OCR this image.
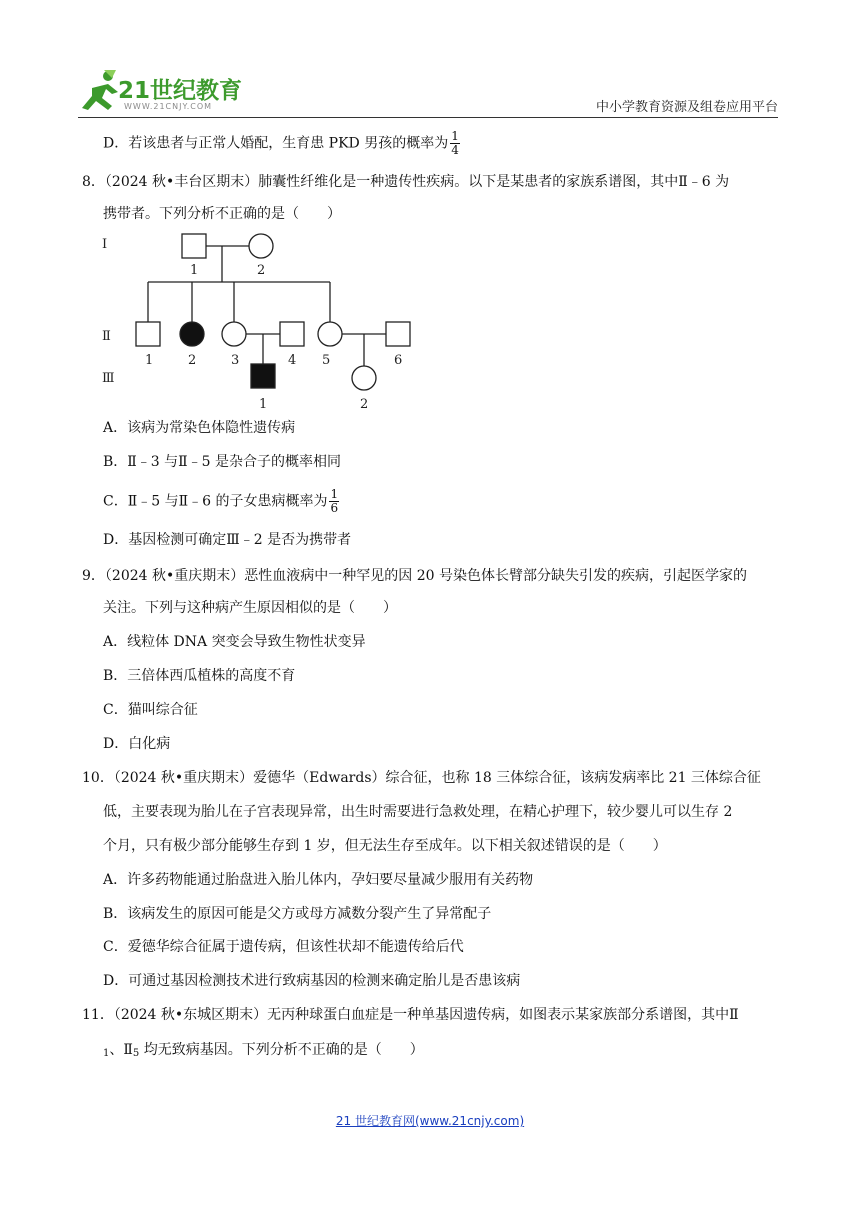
21世纪教育
WWW.21CNJY.COM	中小学教育资源及组卷应用平台
D．若该患者与正常人婚配，生育患 PKD 男孩的概率为 $\frac{1}{4}$
8．（2024 秋•丰台区期末）肺囊性纤维化是一种遗传性疾病。以下是某患者的家族系谱图，其中Ⅱ﹣6 为
携带者。下列分析不正确的是（　　）
Ⅰ
Ⅱ
Ⅲ
1	2
1	2	3	4 5	6
1	2
A．该病为常染色体隐性遗传病
B．Ⅱ﹣3 与Ⅱ﹣5 是杂合子的概率相同
C．Ⅱ﹣5 与Ⅱ﹣6 的子女患病概率为 $\frac{1}{6}$
D．基因检测可确定Ⅲ﹣2 是否为携带者
9．（2024 秋•重庆期末）恶性血液病中一种罕见的因 20 号染色体长臂部分缺失引发的疾病，引起医学家的
关注。下列与这种病产生原因相似的是（　　）
A．线粒体 DNA 突变会导致生物性状变异
B．三倍体西瓜植株的高度不育
C．猫叫综合征
D．白化病
10．（2024 秋•重庆期末）爱德华（Edwards）综合征，也称 18 三体综合征，该病发病率比 21 三体综合征
低，主要表现为胎儿在子宫表现异常，出生时需要进行急救处理，在精心护理下，较少婴儿可以生存 2
个月，只有极少部分能够生存到 1 岁，但无法生存至成年。以下相关叙述错误的是（　　）
A．许多药物能通过胎盘进入胎儿体内，孕妇要尽量减少服用有关药物
B．该病发生的原因可能是父方或母方减数分裂产生了异常配子
C．爱德华综合征属于遗传病，但该性状却不能遗传给后代
D．可通过基因检测技术进行致病基因的检测来确定胎儿是否患该病
11．（2024 秋•东城区期末）无丙种球蛋白血症是一种单基因遗传病，如图表示某家族部分系谱图，其中Ⅱ
$_1$、$Ⅱ_5$ 均无致病基因。下列分析不正确的是（　　）
21 世纪教育网(www.21cnjy.com)
